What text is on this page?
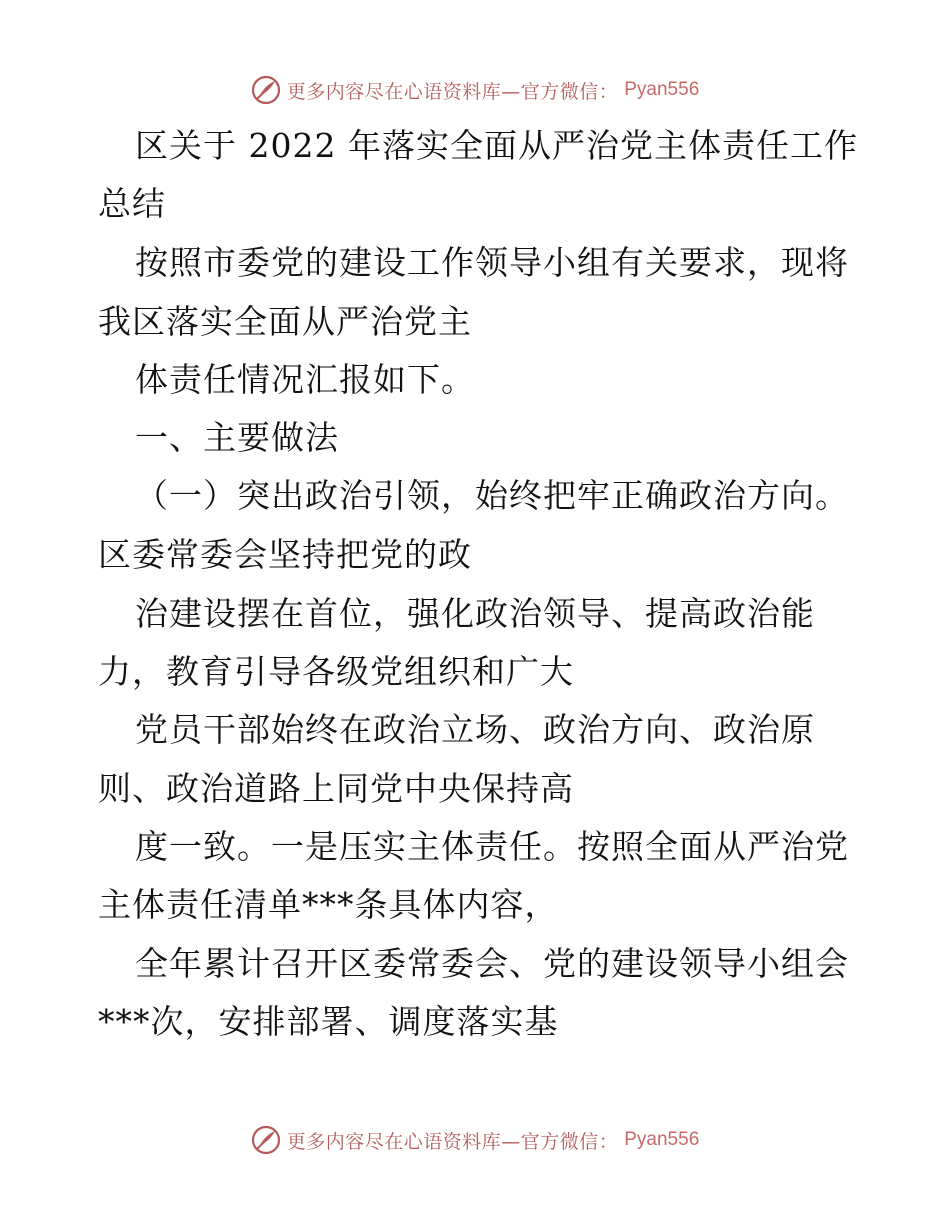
更多内容尽在心语资料库—官方微信： Pyan556
区关于 2022 年落实全面从严治党主体责任工作
总结
按照市委党的建设工作领导小组有关要求，现将
我区落实全面从严治党主
体责任情况汇报如下。
一、主要做法
（一）突出政治引领，始终把牢正确政治方向。
区委常委会坚持把党的政
治建设摆在首位，强化政治领导、提高政治能
力，教育引导各级党组织和广大
党员干部始终在政治立场、政治方向、政治原
则、政治道路上同党中央保持高
度一致。一是压实主体责任。按照全面从严治党
主体责任清单***条具体内容，
全年累计召开区委常委会、党的建设领导小组会
***次，安排部署、调度落实基
更多内容尽在心语资料库—官方微信： Pyan556
